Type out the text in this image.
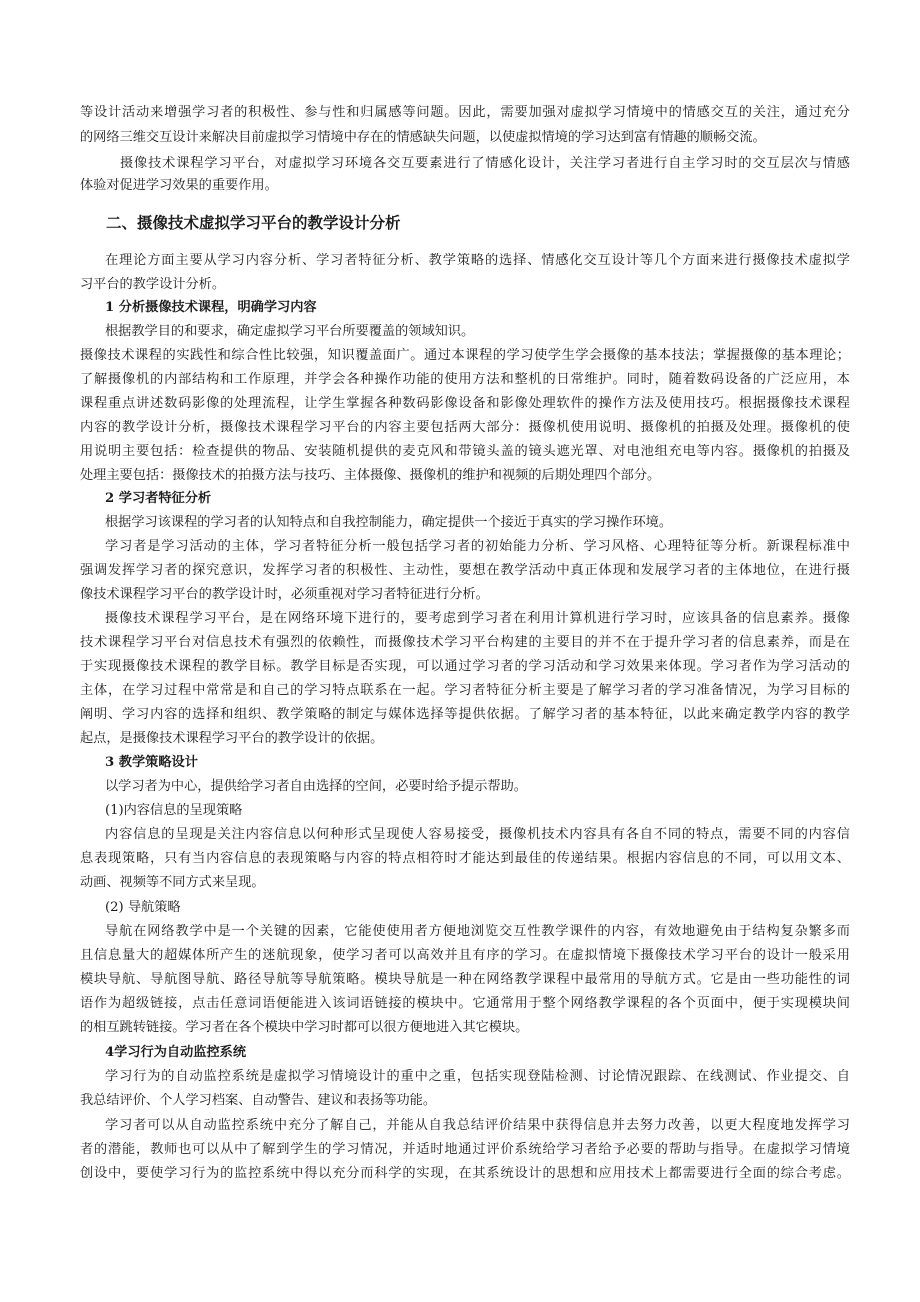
等设计活动来增强学习者的积极性、参与性和归属感等问题。因此，需要加强对虚拟学习情境中的情感交互的关注，通过充分
的网络三维交互设计来解决目前虚拟学习情境中存在的情感缺失问题，以使虚拟情境的学习达到富有情趣的顺畅交流。
摄像技术课程学习平台，对虚拟学习环境各交互要素进行了情感化设计，关注学习者进行自主学习时的交互层次与情感
体验对促进学习效果的重要作用。
二、摄像技术虚拟学习平台的教学设计分析
在理论方面主要从学习内容分析、学习者特征分析、教学策略的选择、情感化交互设计等几个方面来进行摄像技术虚拟学
习平台的教学设计分析。
1 分析摄像技术课程，明确学习内容
根据教学目的和要求，确定虚拟学习平台所要覆盖的领域知识。
摄像技术课程的实践性和综合性比较强，知识覆盖面广。通过本课程的学习使学生学会摄像的基本技法；掌握摄像的基本理论；
了解摄像机的内部结构和工作原理，并学会各种操作功能的使用方法和整机的日常维护。同时，随着数码设备的广泛应用，本
课程重点讲述数码影像的处理流程，让学生掌握各种数码影像设备和影像处理软件的操作方法及使用技巧。根据摄像技术课程
内容的教学设计分析，摄像技术课程学习平台的内容主要包括两大部分：摄像机使用说明、摄像机的拍摄及处理。摄像机的使
用说明主要包括：检查提供的物品、安装随机提供的麦克风和带镜头盖的镜头遮光罩、对电池组充电等内容。摄像机的拍摄及
处理主要包括：摄像技术的拍摄方法与技巧、主体摄像、摄像机的维护和视频的后期处理四个部分。
2 学习者特征分析
根据学习该课程的学习者的认知特点和自我控制能力，确定提供一个接近于真实的学习操作环境。
学习者是学习活动的主体，学习者特征分析一般包括学习者的初始能力分析、学习风格、心理特征等分析。新课程标准中
强调发挥学习者的探究意识，发挥学习者的积极性、主动性，要想在教学活动中真正体现和发展学习者的主体地位，在进行摄
像技术课程学习平台的教学设计时，必须重视对学习者特征进行分析。
摄像技术课程学习平台，是在网络环境下进行的，要考虑到学习者在利用计算机进行学习时，应该具备的信息素养。摄像
技术课程学习平台对信息技术有强烈的依赖性，而摄像技术学习平台构建的主要目的并不在于提升学习者的信息素养，而是在
于实现摄像技术课程的教学目标。教学目标是否实现，可以通过学习者的学习活动和学习效果来体现。学习者作为学习活动的
主体，在学习过程中常常是和自己的学习特点联系在一起。学习者特征分析主要是了解学习者的学习准备情况，为学习目标的
阐明、学习内容的选择和组织、教学策略的制定与媒体选择等提供依据。了解学习者的基本特征，以此来确定教学内容的教学
起点，是摄像技术课程学习平台的教学设计的依据。
3 教学策略设计
以学习者为中心，提供给学习者自由选择的空间，必要时给予提示帮助。
(1)内容信息的呈现策略
内容信息的呈现是关注内容信息以何种形式呈现使人容易接受，摄像机技术内容具有各自不同的特点，需要不同的内容信
息表现策略，只有当内容信息的表现策略与内容的特点相符时才能达到最佳的传递结果。根据内容信息的不同，可以用文本、
动画、视频等不同方式来呈现。
(2) 导航策略
导航在网络教学中是一个关键的因素，它能使使用者方便地浏览交互性教学课件的内容，有效地避免由于结构复杂繁多而
且信息量大的超媒体所产生的迷航现象，使学习者可以高效并且有序的学习。在虚拟情境下摄像技术学习平台的设计一般采用
模块导航、导航图导航、路径导航等导航策略。模块导航是一种在网络教学课程中最常用的导航方式。它是由一些功能性的词
语作为超级链接，点击任意词语便能进入该词语链接的模块中。它通常用于整个网络教学课程的各个页面中，便于实现模块间
的相互跳转链接。学习者在各个模块中学习时都可以很方便地进入其它模块。
4学习行为自动监控系统
学习行为的自动监控系统是虚拟学习情境设计的重中之重，包括实现登陆检测、讨论情况跟踪、在线测试、作业提交、自
我总结评价、个人学习档案、自动警告、建议和表扬等功能。
学习者可以从自动监控系统中充分了解自己，并能从自我总结评价结果中获得信息并去努力改善，以更大程度地发挥学习
者的潜能，教师也可以从中了解到学生的学习情况，并适时地通过评价系统给学习者给予必要的帮助与指导。在虚拟学习情境
创设中，要使学习行为的监控系统中得以充分而科学的实现，在其系统设计的思想和应用技术上都需要进行全面的综合考虑。
